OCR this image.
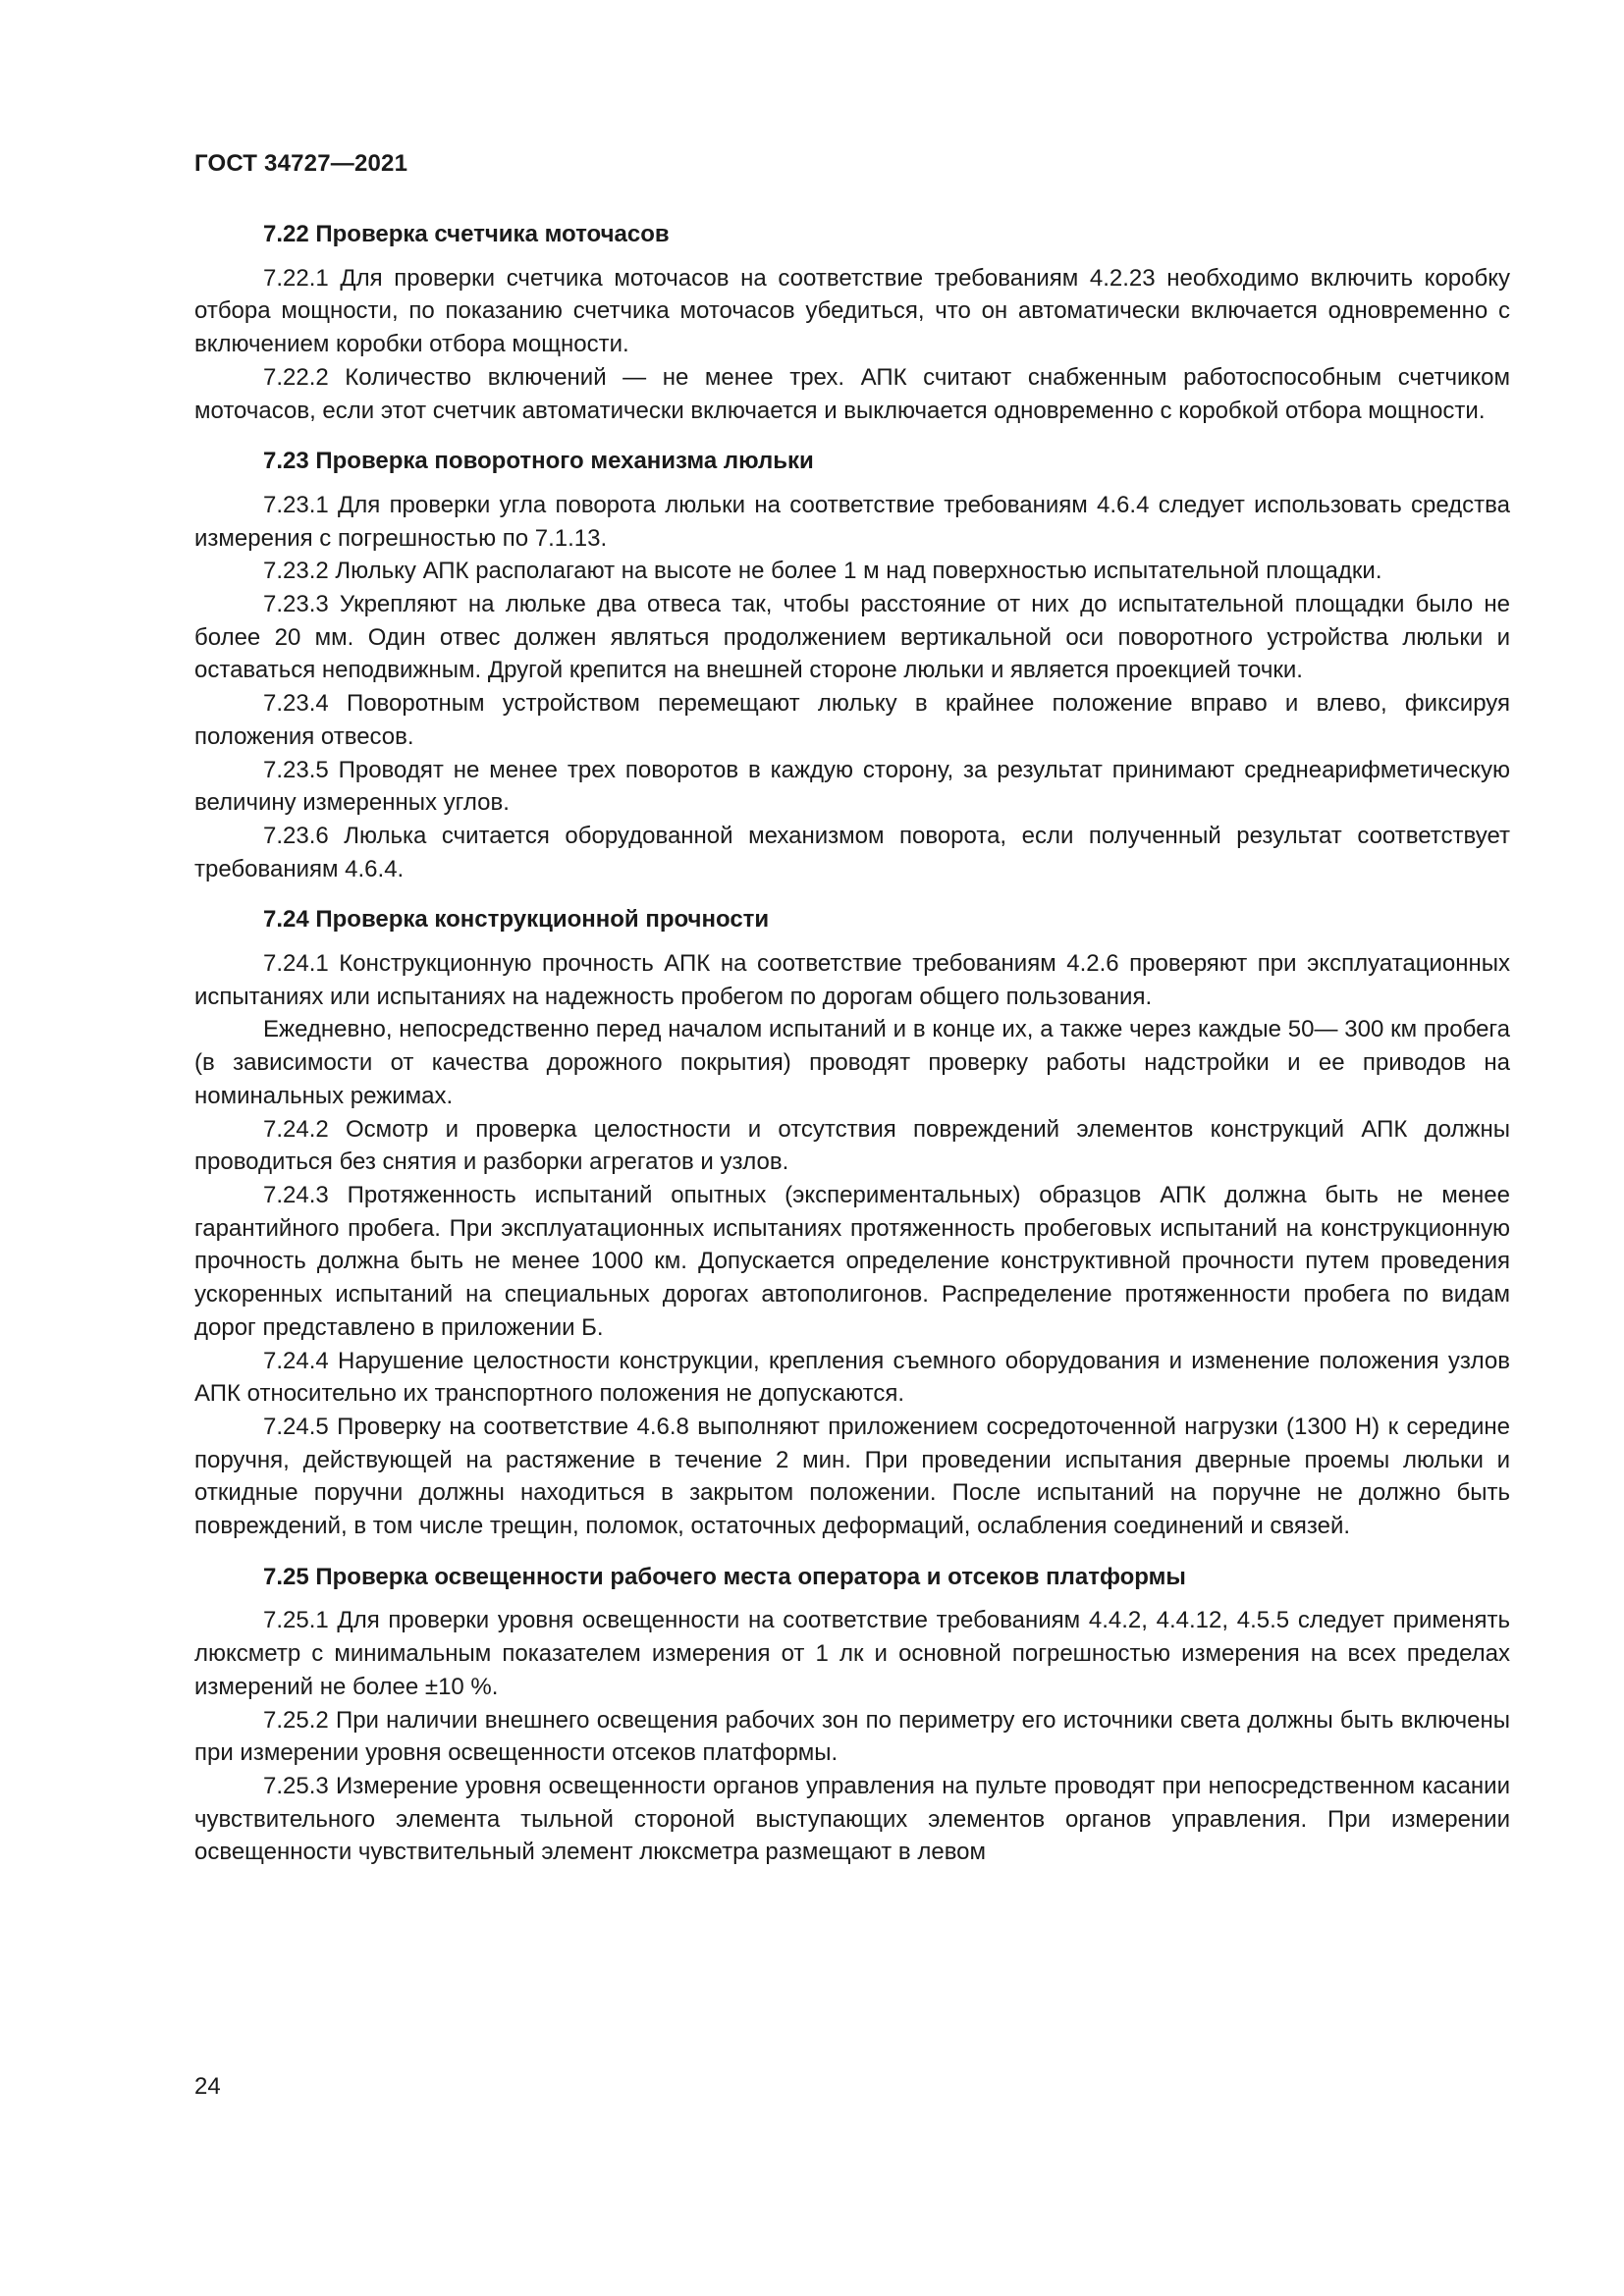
ГОСТ 34727—2021
7.22 Проверка счетчика моточасов

7.22.1 Для проверки счетчика моточасов на соответствие требованиям 4.2.23 необходимо включить коробку отбора мощности, по показанию счетчика моточасов убедиться, что он автоматически включается одновременно с включением коробки отбора мощности.

7.22.2 Количество включений — не менее трех. АПК считают снабженным работоспособным счетчиком моточасов, если этот счетчик автоматически включается и выключается одновременно с коробкой отбора мощности.

7.23 Проверка поворотного механизма люльки

7.23.1 Для проверки угла поворота люльки на соответствие требованиям 4.6.4 следует использовать средства измерения с погрешностью по 7.1.13.

7.23.2 Люльку АПК располагают на высоте не более 1 м над поверхностью испытательной площадки.

7.23.3 Укрепляют на люльке два отвеса так, чтобы расстояние от них до испытательной площадки было не более 20 мм. Один отвес должен являться продолжением вертикальной оси поворотного устройства люльки и оставаться неподвижным. Другой крепится на внешней стороне люльки и является проекцией точки.

7.23.4 Поворотным устройством перемещают люльку в крайнее положение вправо и влево, фиксируя положения отвесов.

7.23.5 Проводят не менее трех поворотов в каждую сторону, за результат принимают среднеарифметическую величину измеренных углов.

7.23.6 Люлька считается оборудованной механизмом поворота, если полученный результат соответствует требованиям 4.6.4.

7.24 Проверка конструкционной прочности

7.24.1 Конструкционную прочность АПК на соответствие требованиям 4.2.6 проверяют при эксплуатационных испытаниях или испытаниях на надежность пробегом по дорогам общего пользования.

Ежедневно, непосредственно перед началом испытаний и в конце их, а также через каждые 50— 300 км пробега (в зависимости от качества дорожного покрытия) проводят проверку работы надстройки и ее приводов на номинальных режимах.

7.24.2 Осмотр и проверка целостности и отсутствия повреждений элементов конструкций АПК должны проводиться без снятия и разборки агрегатов и узлов.

7.24.3 Протяженность испытаний опытных (экспериментальных) образцов АПК должна быть не менее гарантийного пробега. При эксплуатационных испытаниях протяженность пробеговых испытаний на конструкционную прочность должна быть не менее 1000 км. Допускается определение конструктивной прочности путем проведения ускоренных испытаний на специальных дорогах автополигонов. Распределение протяженности пробега по видам дорог представлено в приложении Б.

7.24.4 Нарушение целостности конструкции, крепления съемного оборудования и изменение положения узлов АПК относительно их транспортного положения не допускаются.

7.24.5 Проверку на соответствие 4.6.8 выполняют приложением сосредоточенной нагрузки (1300 Н) к середине поручня, действующей на растяжение в течение 2 мин. При проведении испытания дверные проемы люльки и откидные поручни должны находиться в закрытом положении. После испытаний на поручне не должно быть повреждений, в том числе трещин, поломок, остаточных деформаций, ослабления соединений и связей.

7.25 Проверка освещенности рабочего места оператора и отсеков платформы

7.25.1 Для проверки уровня освещенности на соответствие требованиям 4.4.2, 4.4.12, 4.5.5 следует применять люксметр с минимальным показателем измерения от 1 лк и основной погрешностью измерения на всех пределах измерений не более ±10 %.

7.25.2 При наличии внешнего освещения рабочих зон по периметру его источники света должны быть включены при измерении уровня освещенности отсеков платформы.

7.25.3 Измерение уровня освещенности органов управления на пульте проводят при непосредственном касании чувствительного элемента тыльной стороной выступающих элементов органов управления. При измерении освещенности чувствительный элемент люксметра размещают в левом

24
